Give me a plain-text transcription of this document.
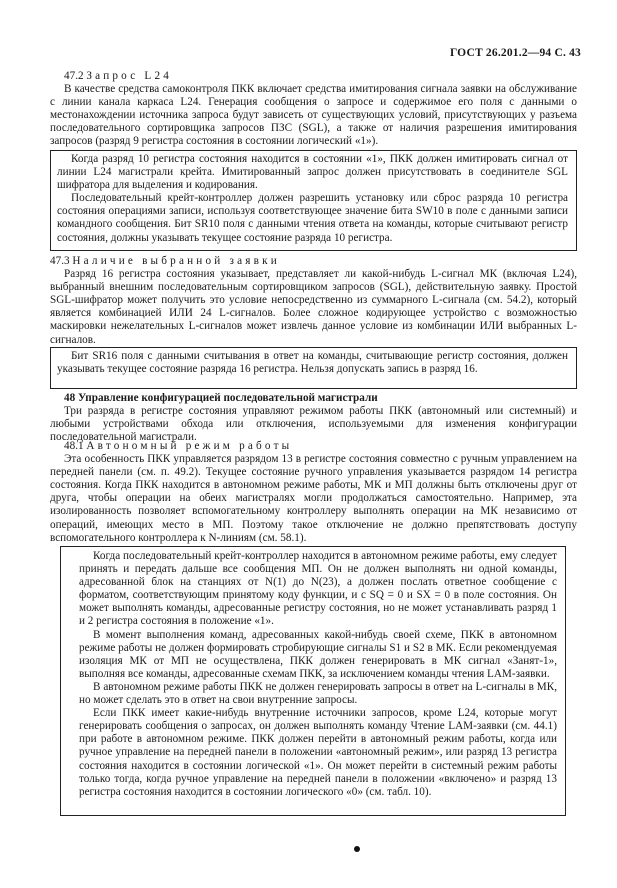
ГОСТ 26.201.2—94 С. 43

47.2 Запрос L24

В качестве средства самоконтроля ПКК включает средства имитирования сигнала заявки на обслуживание с линии канала каркаса L24. Генерация сообщения о запросе и содержимое его поля с данными о местонахождении источника запроса будут зависеть от существующих условий, присутствующих у разъема последовательного сортировщика запросов ПЗС (SGL), а также от наличия разрешения имитирования запросов (разряд 9 регистра состояния в состоянии логический «1»).

Когда разряд 10 регистра состояния находится в состоянии «1», ПКК должен имитировать сигнал от линии L24 магистрали крейта. Имитированный запрос должен присутствовать в соединителе SGL шифратора для выделения и кодирования.

Последовательный крейт-контроллер должен разрешить установку или сброс разряда 10 регистра состояния операциями записи, используя соответствующее значение бита SW10 в поле с данными записи командного сообщения. Бит SR10 поля с данными чтения ответа на команды, которые считывают регистр состояния, должны указывать текущее состояние разряда 10 регистра.

47.3 Наличие выбранной заявки

Разряд 16 регистра состояния указывает, представляет ли какой-нибудь L-сигнал МК (включая L24), выбранный внешним последовательным сортировщиком запросов (SGL), действительную заявку. Простой SGL-шифратор может получить это условие непосредственно из суммарного L-сигнала (см. 54.2), который является комбинацией ИЛИ 24 L-сигналов. Более сложное кодирующее устройство с возможностью маскировки нежелательных L-сигналов может извлечь данное условие из комбинации ИЛИ выбранных L-сигналов.

Бит SR16 поля с данными считывания в ответ на команды, считывающие регистр состояния, должен указывать текущее состояние разряда 16 регистра. Нельзя допускать запись в разряд 16.

48 Управление конфигурацией последовательной магистрали

Три разряда в регистре состояния управляют режимом работы ПКК (автономный или системный) и любыми устройствами обхода или отключения, используемыми для изменения конфигурации последовательной магистрали.

48.1 Автономный режим работы

Эта особенность ПКК управляется разрядом 13 в регистре состояния совместно с ручным управлением на передней панели (см. п. 49.2). Текущее состояние ручного управления указывается разрядом 14 регистра состояния. Когда ПКК находится в автономном режиме работы, МК и МП должны быть отключены друг от друга, чтобы операции на обеих магистралях могли продолжаться самостоятельно. Например, эта изолированность позволяет вспомогательному контроллеру выполнять операции на МК независимо от операций, имеющих место в МП. Поэтому такое отключение не должно препятствовать доступу вспомогательного контроллера к N-линиям (см. 58.1).

Когда последовательный крейт-контроллер находится в автономном режиме работы, ему следует принять и передать дальше все сообщения МП. Он не должен выполнять ни одной команды, адресованной блок на станциях от N(1) до N(23), а должен послать ответное сообщение с форматом, соответствующим принятому коду функции, и с SQ = 0 и SX = 0 в поле состояния. Он может выполнять команды, адресованные регистру состояния, но не может устанавливать разряд 1 и 2 регистра состояния в положение «1».

В момент выполнения команд, адресованных какой-нибудь своей схеме, ПКК в автономном режиме работы не должен формировать стробирующие сигналы S1 и S2 в МК. Если рекомендуемая изоляция МК от МП не осуществлена, ПКК должен генерировать в МК сигнал «Занят-1», выполняя все команды, адресованные схемам ПКК, за исключением команды чтения LAM-заявки.

В автономном режиме работы ПКК не должен генерировать запросы в ответ на L-сигналы в МК, но может сделать это в ответ на свои внутренние запросы.

Если ПКК имеет какие-нибудь внутренние источники запросов, кроме L24, которые могут генерировать сообщения о запросах, он должен выполнять команду Чтение LAM-заявки (см. 44.1) при работе в автономном режиме. ПКК должен перейти в автономный режим работы, когда или ручное управление на передней панели в положении «автономный режим», или разряд 13 регистра состояния находится в состоянии логической «1». Он может перейти в системный режим работы только тогда, когда ручное управление на передней панели в положении «включено» и разряд 13 регистра состояния находится в состоянии логического «0» (см. табл. 10).
